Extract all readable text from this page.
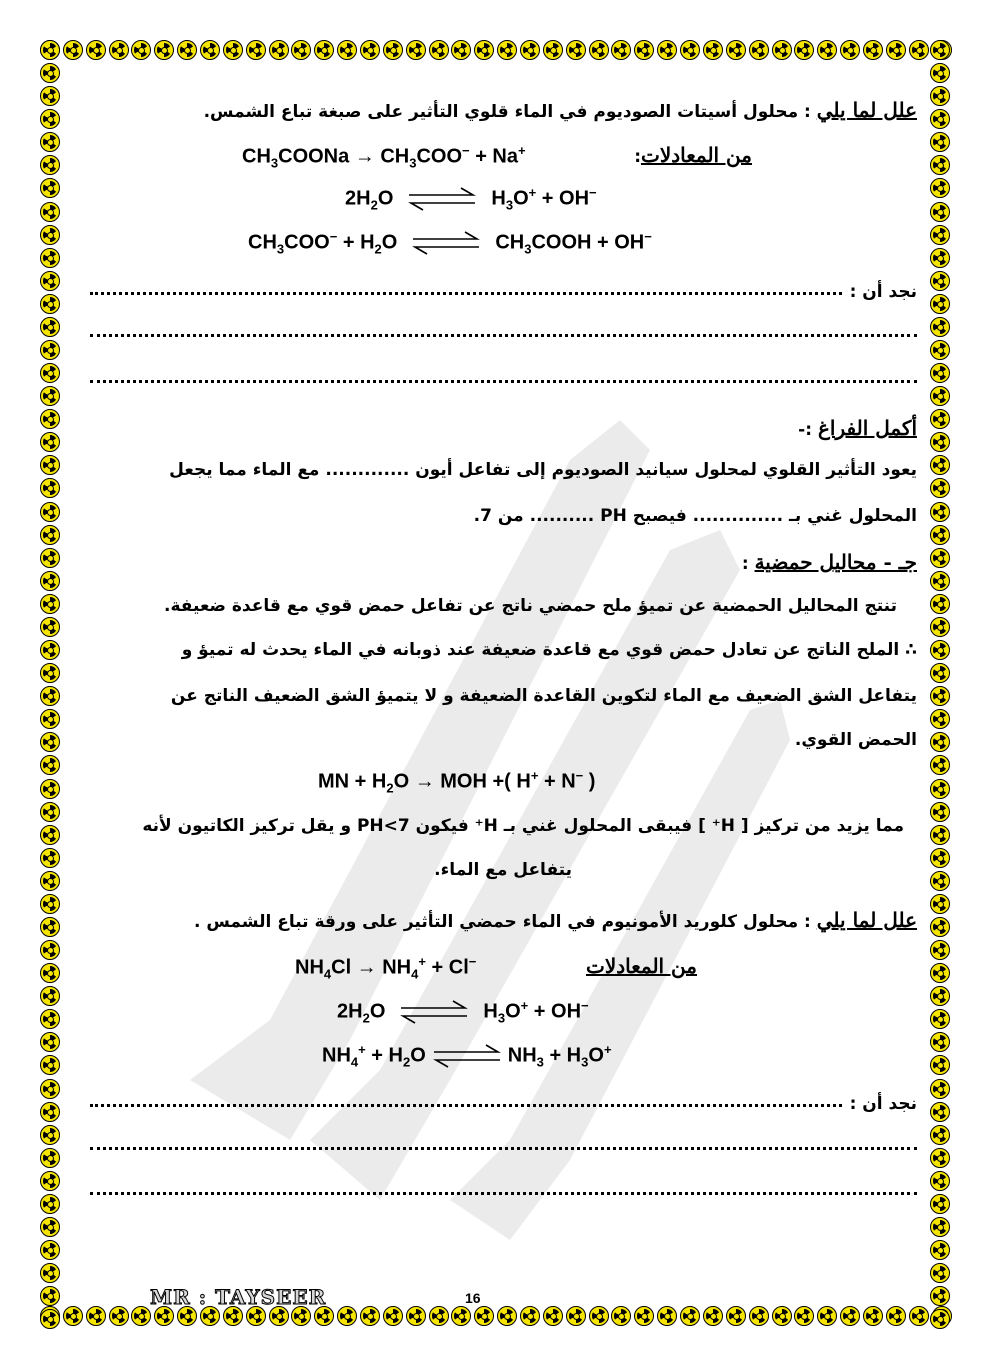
علل لما يلي : محلول أسيتات الصوديوم في الماء قلوي التأثير على صبغة تباع الشمس.
من المعادلات:
$CH_3COONa \to CH_3COO^- + Na^+$
$2H_2O$ ⇌ $H_3O^+ + OH^-$
$CH_3COO^- + H_2O$ ⇌ $CH_3COOH + OH^-$
نجد أن :
أكمل الفراغ :-
يعود التأثير القلوي لمحلول سيانيد الصوديوم إلى تفاعل أيون ............. مع الماء مما يجعل
المحلول غني بـ .............. فيصبح PH .......... من 7.
جـ - محاليل حمضية :
تنتج المحاليل الحمضية عن تميؤ ملح حمضي ناتج عن تفاعل حمض قوي مع قاعدة ضعيفة.
∴ الملح الناتج عن تعادل حمض قوي مع قاعدة ضعيفة عند ذوبانه في الماء يحدث له تميؤ و
يتفاعل الشق الضعيف مع الماء لتكوين القاعدة الضعيفة و لا يتميؤ الشق الضعيف الناتج عن
الحمض القوي.
MN + $H_2O$ → MOH +( H+ + N− )
مما يزيد من تركيز [ H⁺ ] فيبقى المحلول غني بـ H⁺ فيكون PH<7 و يقل تركيز الكاتيون لأنه
يتفاعل مع الماء.
علل لما يلي : محلول كلوريد الأمونيوم في الماء حمضي التأثير على ورقة تباع الشمس .
من المعادلات
$NH_4Cl \to NH_4^+ + Cl^-$
$2H_2O$ ⇌ $H_3O^+ + OH^-$
$NH_4^+ + H_2O$ ⇌ $NH_3 + H_3O^+$
نجد أن :
MR : TAYSEER	16
